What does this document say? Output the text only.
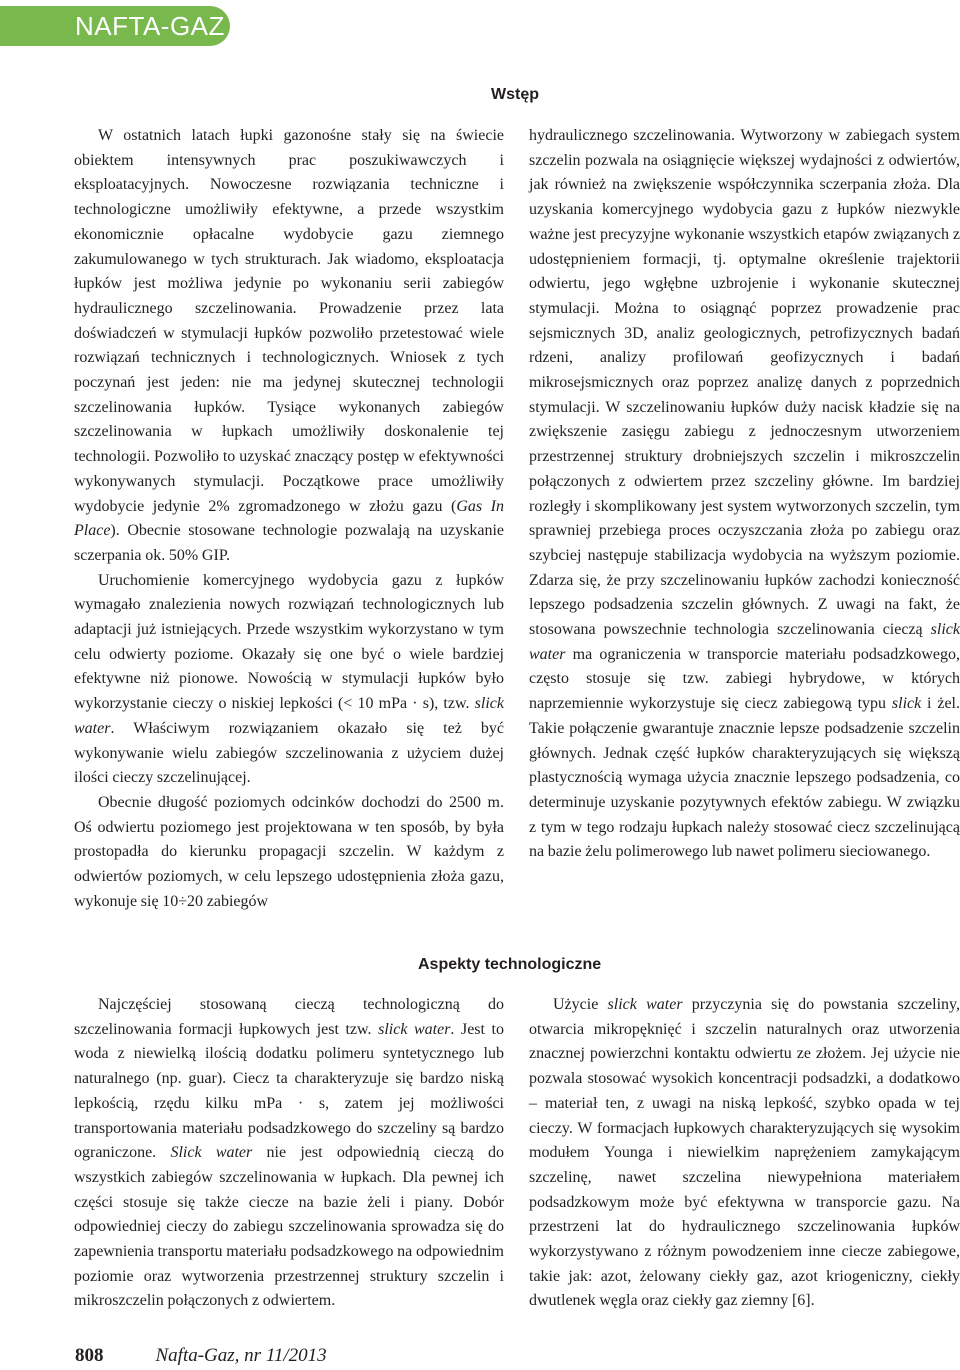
NAFTA-GAZ
Wstęp

W ostatnich latach łupki gazonośne stały się na świecie obiektem intensywnych prac poszukiwawczych i eksploatacyjnych. Nowoczesne rozwiązania techniczne i technologiczne umożliwiły efektywne, a przede wszystkim ekonomicznie opłacalne wydobycie gazu ziemnego zakumulowanego w tych strukturach. Jak wiadomo, eksploatacja łupków jest możliwa jedynie po wykonaniu serii zabiegów hydraulicznego szczelinowania. Prowadzenie przez lata doświadczeń w stymulacji łupków pozwoliło przetestować wiele rozwiązań technicznych i technologicznych. Wniosek z tych poczynań jest jeden: nie ma jedynej skutecznej technologii szczelinowania łupków. Tysiące wykonanych zabiegów szczelinowania w łupkach umożliwiły doskonalenie tej technologii. Pozwoliło to uzyskać znaczący postęp w efektywności wykonywanych stymulacji. Początkowe prace umożliwiły wydobycie jedynie 2% zgromadzonego w złożu gazu (Gas In Place). Obecnie stosowane technologie pozwalają na uzyskanie sczerpania ok. 50% GIP.

Uruchomienie komercyjnego wydobycia gazu z łupków wymagało znalezienia nowych rozwiązań technologicznych lub adaptacji już istniejących. Przede wszystkim wykorzystano w tym celu odwierty poziome. Okazały się one być o wiele bardziej efektywne niż pionowe. Nowością w stymulacji łupków było wykorzystanie cieczy o niskiej lepkości (< 10 mPa · s), tzw. slick water. Właściwym rozwiązaniem okazało się też być wykonywanie wielu zabiegów szczelinowania z użyciem dużej ilości cieczy szczelinującej.

Obecnie długość poziomych odcinków dochodzi do 2500 m. Oś odwiertu poziomego jest projektowana w ten sposób, by była prostopadła do kierunku propagacji szczelin. W każdym z odwiertów poziomych, w celu lepszego udostępnienia złoża gazu, wykonuje się 10÷20 zabiegów

hydraulicznego szczelinowania. Wytworzony w zabiegach system szczelin pozwala na osiągnięcie większej wydajności z odwiertów, jak również na zwiększenie współczynnika sczerpania złoża. Dla uzyskania komercyjnego wydobycia gazu z łupków niezwykle ważne jest precyzyjne wykonanie wszystkich etapów związanych z udostępnieniem formacji, tj. optymalne określenie trajektorii odwiertu, jego wgłębne uzbrojenie i wykonanie skutecznej stymulacji. Można to osiągnąć poprzez prowadzenie prac sejsmicznych 3D, analiz geologicznych, petrofizycznych badań rdzeni, analizy profilowań geofizycznych i badań mikrosejsmicznych oraz poprzez analizę danych z poprzednich stymulacji. W szczelinowaniu łupków duży nacisk kładzie się na zwiększenie zasięgu zabiegu z jednoczesnym utworzeniem przestrzennej struktury drobniejszych szczelin i mikroszczelin połączonych z odwiertem przez szczeliny główne. Im bardziej rozległy i skomplikowany jest system wytworzonych szczelin, tym sprawniej przebiega proces oczyszczania złoża po zabiegu oraz szybciej następuje stabilizacja wydobycia na wyższym poziomie. Zdarza się, że przy szczelinowaniu łupków zachodzi konieczność lepszego podsadzenia szczelin głównych. Z uwagi na fakt, że stosowana powszechnie technologia szczelinowania cieczą slick water ma ograniczenia w transporcie materiału podsadzkowego, często stosuje się tzw. zabiegi hybrydowe, w których naprzemiennie wykorzystuje się ciecz zabiegową typu slick i żel. Takie połączenie gwarantuje znacznie lepsze podsadzenie szczelin głównych. Jednak część łupków charakteryzujących się większą plastycznością wymaga użycia znacznie lepszego podsadzenia, co determinuje uzyskanie pozytywnych efektów zabiegu. W związku z tym w tego rodzaju łupkach należy stosować ciecz szczelinującą na bazie żelu polimerowego lub nawet polimeru sieciowanego.

Aspekty technologiczne

Najczęściej stosowaną cieczą technologiczną do szczelinowania formacji łupkowych jest tzw. slick water. Jest to woda z niewielką ilością dodatku polimeru syntetycznego lub naturalnego (np. guar). Ciecz ta charakteryzuje się bardzo niską lepkością, rzędu kilku mPa · s, zatem jej możliwości transportowania materiału podsadzkowego do szczeliny są bardzo ograniczone. Slick water nie jest odpowiednią cieczą do wszystkich zabiegów szczelinowania w łupkach. Dla pewnej ich części stosuje się także ciecze na bazie żeli i piany. Dobór odpowiedniej cieczy do zabiegu szczelinowania sprowadza się do zapewnienia transportu materiału podsadzkowego na odpowiednim poziomie oraz wytworzenia przestrzennej struktury szczelin i mikroszczelin połączonych z odwiertem.

Użycie slick water przyczynia się do powstania szczeliny, otwarcia mikropęknięć i szczelin naturalnych oraz utworzenia znacznej powierzchni kontaktu odwiertu ze złożem. Jej użycie nie pozwala stosować wysokich koncentracji podsadzki, a dodatkowo – materiał ten, z uwagi na niską lepkość, szybko opada w tej cieczy. W formacjach łupkowych charakteryzujących się wysokim modułem Younga i niewielkim naprężeniem zamykającym szczelinę, nawet szczelina niewypełniona materiałem podsadzkowym może być efektywna w transporcie gazu. Na przestrzeni lat do hydraulicznego szczelinowania łupków wykorzystywano z różnym powodzeniem inne ciecze zabiegowe, takie jak: azot, żelowany ciekły gaz, azot kriogeniczny, ciekły dwutlenek węgla oraz ciekły gaz ziemny [6].

808	Nafta-Gaz, nr 11/2013
